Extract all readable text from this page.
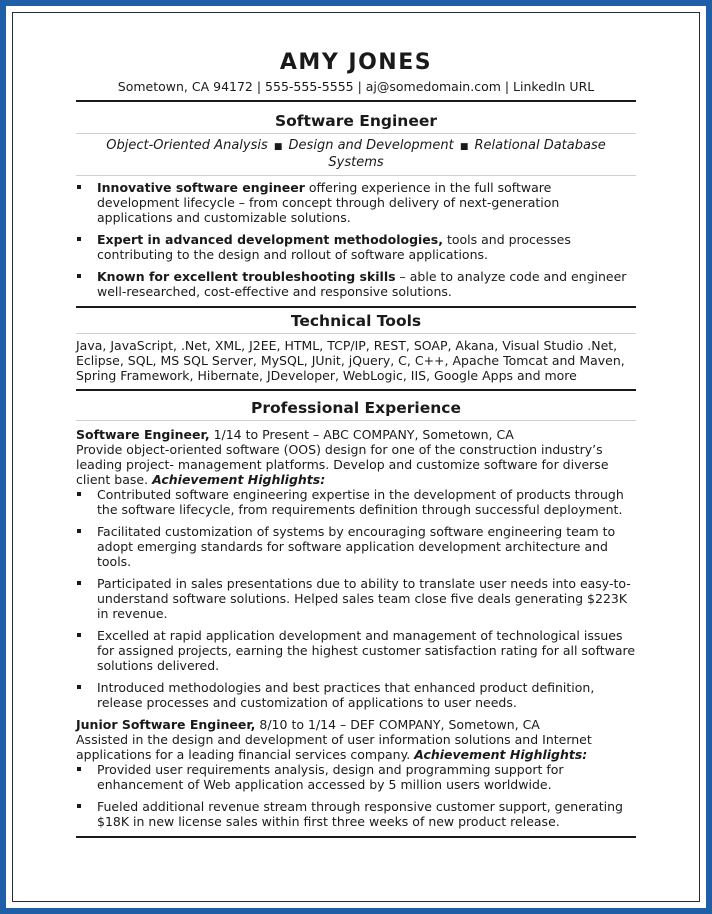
AMY JONES
Sometown, CA 94172 | 555-555-5555 | aj@somedomain.com | LinkedIn URL
Software Engineer
Object-Oriented Analysis ■ Design and Development ■ Relational Database Systems
Innovative software engineer offering experience in the full software development lifecycle – from concept through delivery of next-generation applications and customizable solutions.
Expert in advanced development methodologies, tools and processes contributing to the design and rollout of software applications.
Known for excellent troubleshooting skills – able to analyze code and engineer well-researched, cost-effective and responsive solutions.
Technical Tools

Java, JavaScript, .Net, XML, J2EE, HTML, TCP/IP, REST, SOAP, Akana, Visual Studio .Net, Eclipse, SQL, MS SQL Server, MySQL, JUnit, jQuery, C, C++, Apache Tomcat and Maven, Spring Framework, Hibernate, JDeveloper, WebLogic, IIS, Google Apps and more

Professional Experience

Software Engineer, 1/14 to Present – ABC COMPANY, Sometown, CA

Provide object-oriented software (OOS) design for one of the construction industry’s leading project- management platforms. Develop and customize software for diverse client base. Achievement Highlights:

Contributed software engineering expertise in the development of products through the software lifecycle, from requirements definition through successful deployment.
Facilitated customization of systems by encouraging software engineering team to adopt emerging standards for software application development architecture and tools.
Participated in sales presentations due to ability to translate user needs into easy-to-understand software solutions. Helped sales team close five deals generating $223K in revenue.
Excelled at rapid application development and management of technological issues for assigned projects, earning the highest customer satisfaction rating for all software solutions delivered.
Introduced methodologies and best practices that enhanced product definition, release processes and customization of applications to user needs.

Junior Software Engineer, 8/10 to 1/14 – DEF COMPANY, Sometown, CA

Assisted in the design and development of user information solutions and Internet applications for a leading financial services company. Achievement Highlights:

Provided user requirements analysis, design and programming support for enhancement of Web application accessed by 5 million users worldwide.
Fueled additional revenue stream through responsive customer support, generating $18K in new license sales within first three weeks of new product release.
